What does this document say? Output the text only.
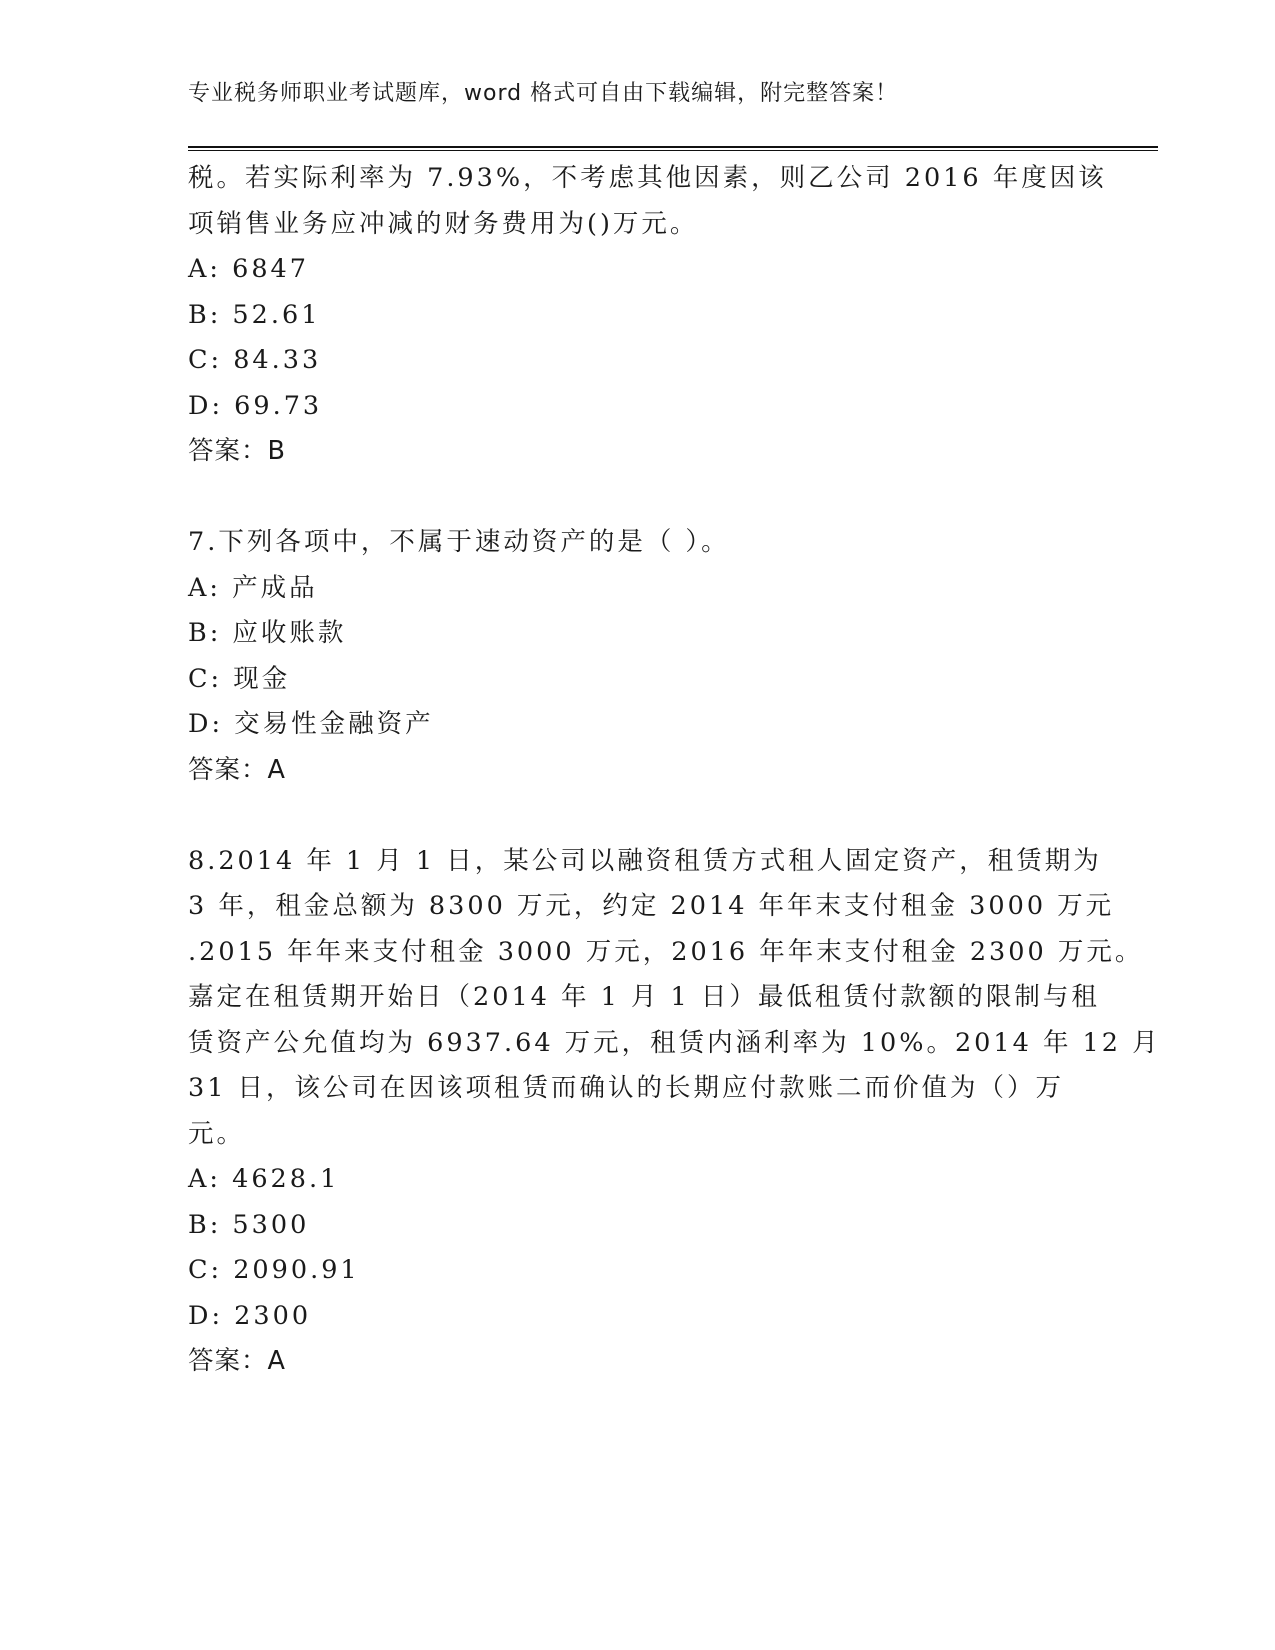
专业税务师职业考试题库，word 格式可自由下载编辑，附完整答案！
税。若实际利率为 7.93%，不考虑其他因素，则乙公司 2016 年度因该
项销售业务应冲减的财务费用为()万元。
A: 6847
B: 52.61
C: 84.33
D: 69.73
答案：B
7.下列各项中，不属于速动资产的是（ ）。
A: 产成品
B: 应收账款
C: 现金
D: 交易性金融资产
答案：A
8.2014 年 1 月 1 日，某公司以融资租赁方式租人固定资产，租赁期为
3 年，租金总额为 8300 万元，约定 2014 年年末支付租金 3000 万元
.2015 年年来支付租金 3000 万元，2016 年年末支付租金 2300 万元。
嘉定在租赁期开始日（2014 年 1 月 1 日）最低租赁付款额的限制与租
赁资产公允值均为 6937.64 万元，租赁内涵利率为 10%。2014 年 12 月
31 日，该公司在因该项租赁而确认的长期应付款账二而价值为（）万
元。
A: 4628.1
B: 5300
C: 2090.91
D: 2300
答案：A
